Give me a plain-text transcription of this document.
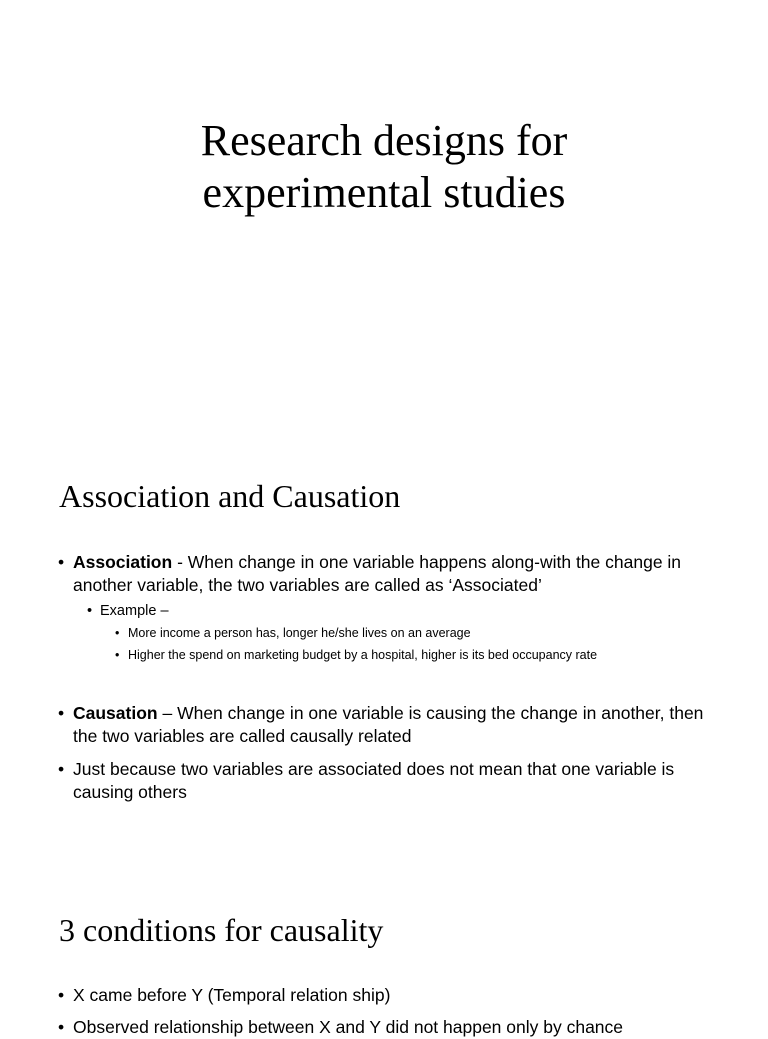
Research designs for
experimental studies
Association and Causation
• Association - When change in one variable happens along-with the change in another variable, the two variables are called as ‘Associated’
• Example –
• More income a person has, longer he/she lives on an average
• Higher the spend on marketing budget by a hospital, higher is its bed occupancy rate
• Causation – When change in one variable is causing the change in another, then the two variables are called causally related
• Just because two variables are associated does not mean that one variable is causing others
3 conditions for causality
• X came before Y (Temporal relation ship)
• Observed relationship between X and Y did not happen only by chance
